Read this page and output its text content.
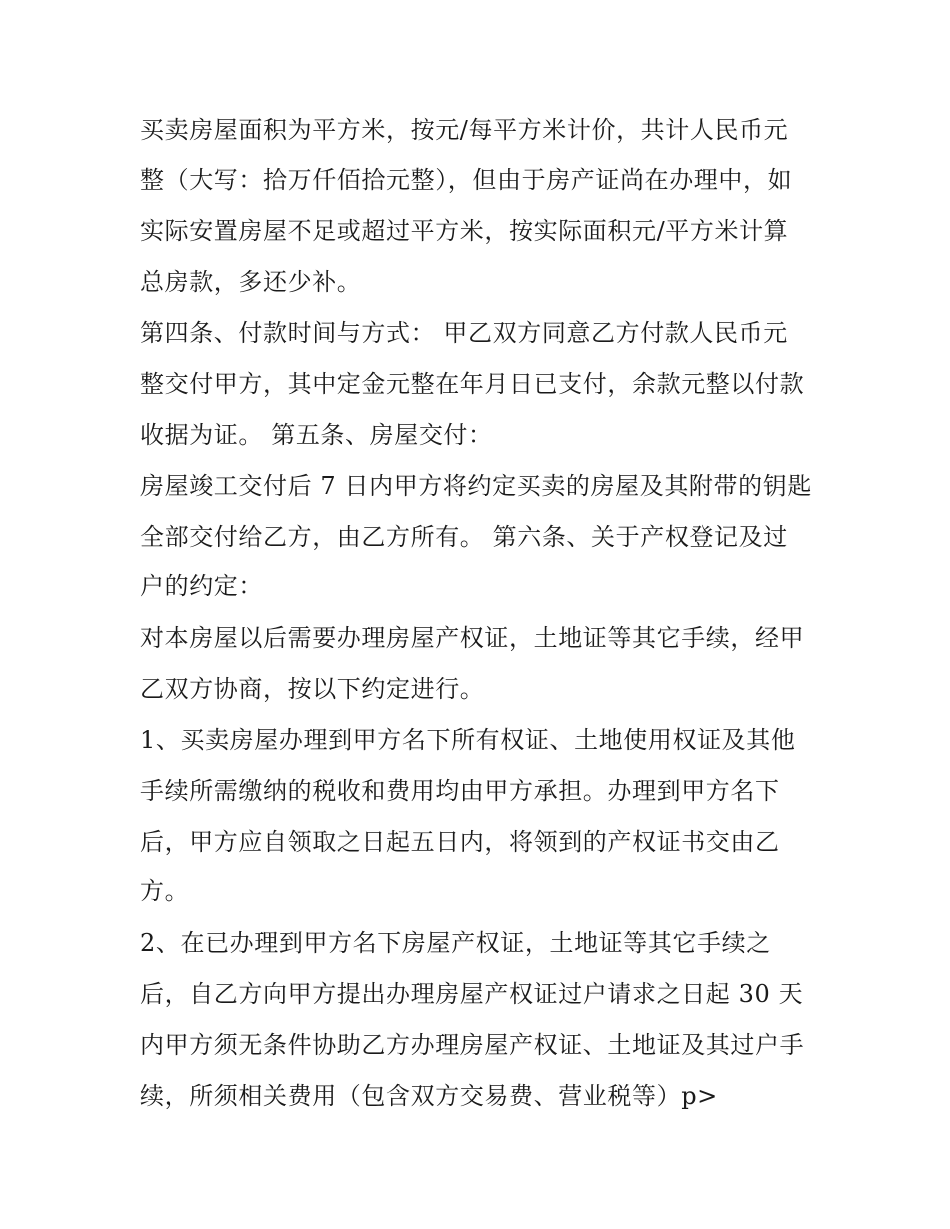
买卖房屋面积为平方米，按元/每平方米计价，共计人民币元

整（大写：拾万仟佰拾元整），但由于房产证尚在办理中，如

实际安置房屋不足或超过平方米，按实际面积元/平方米计算

总房款，多还少补。

第四条、付款时间与方式： 甲乙双方同意乙方付款人民币元

整交付甲方，其中定金元整在年月日已支付，余款元整以付款

收据为证。 第五条、房屋交付：

房屋竣工交付后 7 日内甲方将约定买卖的房屋及其附带的钥匙

全部交付给乙方，由乙方所有。 第六条、关于产权登记及过

户的约定：

对本房屋以后需要办理房屋产权证，土地证等其它手续，经甲

乙双方协商，按以下约定进行。

1、买卖房屋办理到甲方名下所有权证、土地使用权证及其他

手续所需缴纳的税收和费用均由甲方承担。办理到甲方名下

后，甲方应自领取之日起五日内，将领到的产权证书交由乙

方。

2、在已办理到甲方名下房屋产权证，土地证等其它手续之

后，自乙方向甲方提出办理房屋产权证过户请求之日起 30 天

内甲方须无条件协助乙方办理房屋产权证、土地证及其过户手

续，所须相关费用（包含双方交易费、营业税等）p>
